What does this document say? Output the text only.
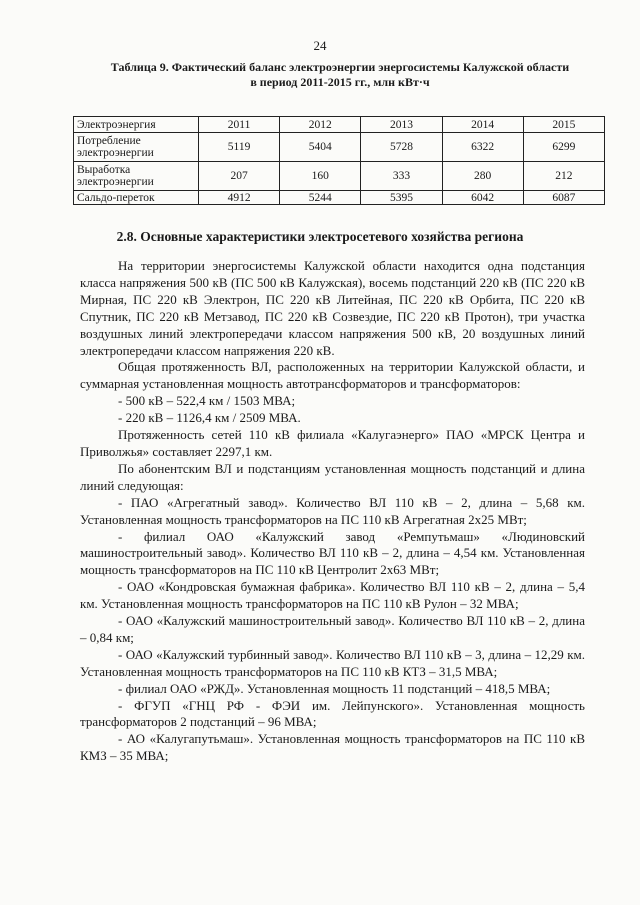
24
Таблица 9. Фактический баланс электроэнергии энергосистемы Калужской области
в период 2011-2015 гг., млн кВт·ч
Электроэнергия	2011	2012	2013	2014	2015
Потребление электроэнергии	5119	5404	5728	6322	6299
Выработка электроэнергии	207	160	333	280	212
Сальдо-переток	4912	5244	5395	6042	6087
2.8. Основные характеристики электросетевого хозяйства региона

На территории энергосистемы Калужской области находится одна подстанция класса напряжения 500 кВ (ПС 500 кВ Калужская), восемь подстанций 220 кВ (ПС 220 кВ Мирная, ПС 220 кВ Электрон, ПС 220 кВ Литейная, ПС 220 кВ Орбита, ПС 220 кВ Спутник, ПС 220 кВ Метзавод, ПС 220 кВ Созвездие, ПС 220 кВ Протон), три участка воздушных линий электропередачи классом напряжения 500 кВ, 20 воздушных линий электропередачи классом напряжения 220 кВ.

Общая протяженность ВЛ, расположенных на территории Калужской области, и суммарная установленная мощность автотрансформаторов и трансформаторов:

- 500 кВ – 522,4 км / 1503 МВА;

- 220 кВ – 1126,4 км / 2509 МВА.

Протяженность сетей 110 кВ филиала «Калугаэнерго» ПАО «МРСК Центра и Приволжья» составляет 2297,1 км.

По абонентским ВЛ и подстанциям установленная мощность подстанций и длина линий следующая:

- ПАО «Агрегатный завод». Количество ВЛ 110 кВ – 2, длина – 5,68 км. Установленная мощность трансформаторов на ПС 110 кВ Агрегатная 2х25 МВт;

- филиал ОАО «Калужский завод «Ремпутьмаш» «Людиновский машиностроительный завод». Количество ВЛ 110 кВ – 2, длина – 4,54 км. Установленная мощность трансформаторов на ПС 110 кВ Центролит 2х63 МВт;

- ОАО «Кондровская бумажная фабрика». Количество ВЛ 110 кВ – 2, длина – 5,4 км. Установленная мощность трансформаторов на ПС 110 кВ Рулон – 32 МВА;

- ОАО «Калужский машиностроительный завод». Количество ВЛ 110 кВ – 2, длина – 0,84 км;

- ОАО «Калужский турбинный завод». Количество ВЛ 110 кВ – 3, длина – 12,29 км. Установленная мощность трансформаторов на ПС 110 кВ КТЗ – 31,5 МВА;

- филиал ОАО «РЖД». Установленная мощность 11 подстанций – 418,5 МВА;

- ФГУП «ГНЦ РФ - ФЭИ им. Лейпунского». Установленная мощность трансформаторов 2 подстанций – 96 МВА;

- АО «Калугапутьмаш». Установленная мощность трансформаторов на ПС 110 кВ КМЗ – 35 МВА;
